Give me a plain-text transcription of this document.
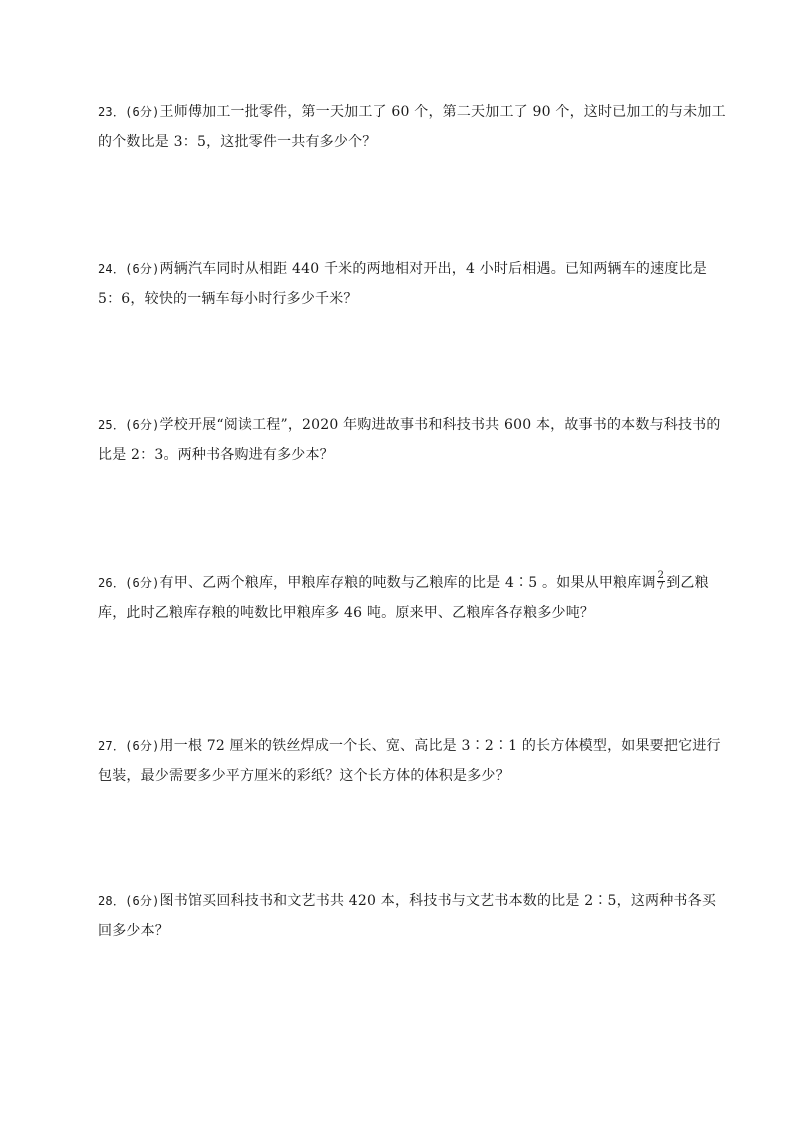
23．(6分)王师傅加工一批零件，第一天加工了 60 个，第二天加工了 90 个，这时已加工的与未加工的个数比是 3：5，这批零件一共有多少个？
24．(6分)两辆汽车同时从相距 440 千米的两地相对开出，4 小时后相遇。已知两辆车的速度比是 5：6，较快的一辆车每小时行多少千米？
25．(6分)学校开展“阅读工程”，2020 年购进故事书和科技书共 600 本，故事书的本数与科技书的比是 2：3。两种书各购进有多少本？
26．(6分)有甲、乙两个粮库，甲粮库存粮的吨数与乙粮库的比是 4∶5 。如果从甲粮库调 $\frac{2}{7}$ 到乙粮库，此时乙粮库存粮的吨数比甲粮库多 46 吨。原来甲、乙粮库各存粮多少吨？
27．(6分)用一根 72 厘米的铁丝焊成一个长、宽、高比是 3∶2∶1 的长方体模型，如果要把它进行包装，最少需要多少平方厘米的彩纸？这个长方体的体积是多少？
28．(6分)图书馆买回科技书和文艺书共 420 本，科技书与文艺书本数的比是 2∶5，这两种书各买回多少本？
